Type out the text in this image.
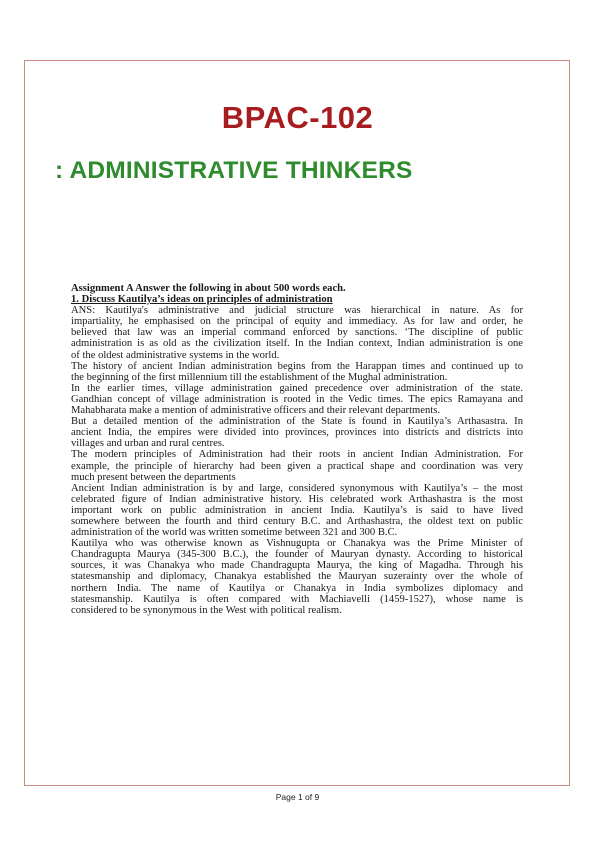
BPAC-102
: ADMINISTRATIVE THINKERS

Assignment A Answer the following in about 500 words each.

1. Discuss Kautilya’s ideas on principles of administration

ANS: Kautilya's administrative and judicial structure was hierarchical in nature. As for

impartiality, he emphasised on the principal of equity and immediacy. As for law and order, he

believed that law was an imperial command enforced by sanctions. ‘The discipline of public

administration is as old as the civilization itself. In the Indian context, Indian administration is one

of the oldest administrative systems in the world.

The history of ancient Indian administration begins from the Harappan times and continued up to

the beginning of the first millennium till the establishment of the Mughal administration.

In the earlier times, village administration gained precedence over administration of the state.

Gandhian concept of village administration is rooted in the Vedic times. The epics Ramayana and

Mahabharata make a mention of administrative officers and their relevant departments.

But a detailed mention of the administration of the State is found in Kautilya’s Arthasastra. In

ancient India, the empires were divided into provinces, provinces into districts and districts into

villages and urban and rural centres.

The modern principles of Administration had their roots in ancient Indian Administration. For

example, the principle of hierarchy had been given a practical shape and coordination was very

much present between the departments

Ancient Indian administration is by and large, considered synonymous with Kautilya’s – the most

celebrated figure of Indian administrative history. His celebrated work Arthashastra is the most

important work on public administration in ancient India. Kautilya’s is said to have lived

somewhere between the fourth and third century B.C. and Arthashastra, the oldest text on public

administration of the world was written sometime between 321 and 300 B.C.

Kautilya who was otherwise known as Vishnugupta or Chanakya was the Prime Minister of

Chandragupta Maurya (345-300 B.C.), the founder of Mauryan dynasty. According to historical

sources, it was Chanakya who made Chandragupta Maurya, the king of Magadha. Through his

statesmanship and diplomacy, Chanakya established the Mauryan suzerainty over the whole of

northern India. The name of Kautilya or Chanakya in India symbolizes diplomacy and

statesmanship. Kautilya is often compared with Machiavelli (1459-1527), whose name is

considered to be synonymous in the West with political realism.

Page 1 of 9
